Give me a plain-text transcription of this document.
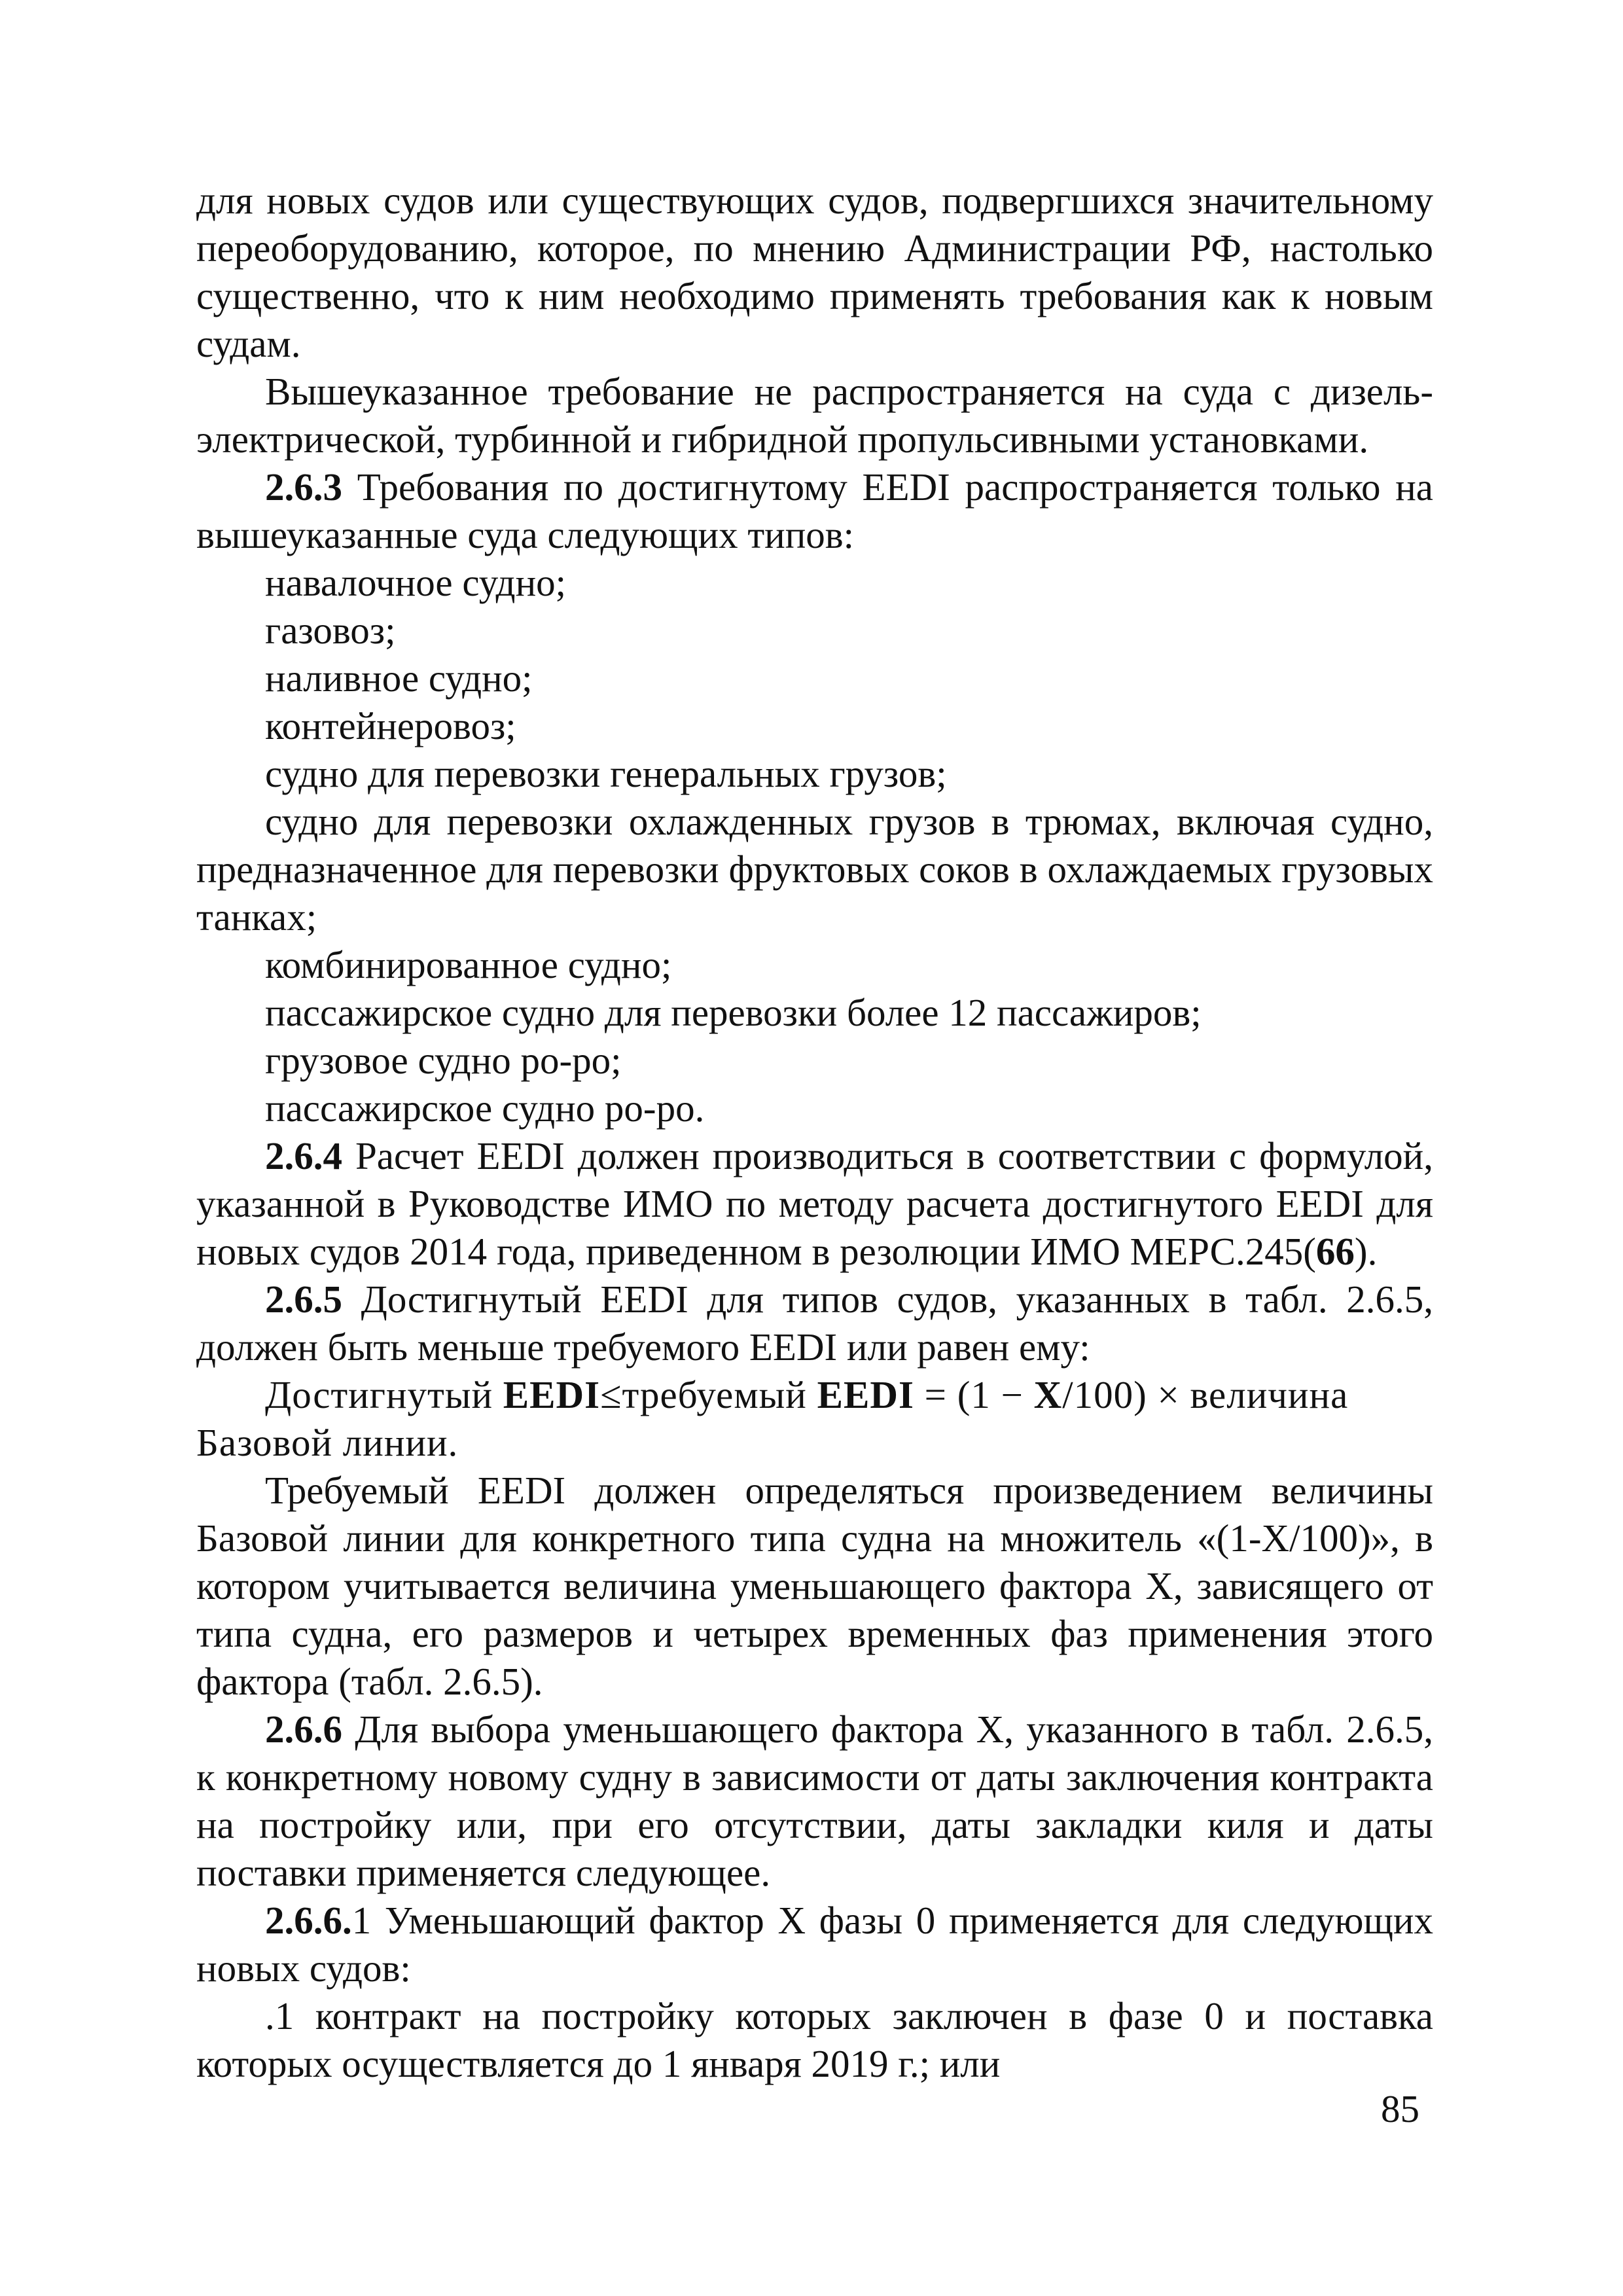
для новых судов или существующих судов, подвергшихся значительному переоборудованию, которое, по мнению Администрации РФ, настолько существенно, что к ним необходимо применять требования как к новым судам.

Вышеуказанное требование не распространяется на суда с дизель-электрической, турбинной и гибридной пропульсивными установками.

2.6.3 Требования по достигнутому EEDI распространяется только на вышеуказанные суда следующих типов:

навалочное судно;

газовоз;

наливное судно;

контейнеровоз;

судно для перевозки генеральных грузов;

судно для перевозки охлажденных грузов в трюмах, включая судно, предназначенное для перевозки фруктовых соков в охлаждаемых грузовых танках;

комбинированное судно;

пассажирское судно для перевозки более 12 пассажиров;

грузовое судно ро-ро;

пассажирское судно ро-ро.

2.6.4 Расчет EEDI должен производиться в соответствии с формулой, указанной в Руководстве ИМО по методу расчета достигнутого EEDI для новых судов 2014 года, приведенном в резолюции ИМО МЕРС.245(66).

2.6.5 Достигнутый EEDI для типов судов, указанных в табл. 2.6.5, должен быть меньше требуемого EEDI или равен ему:

Достигнутый EEDI≤требуемый EEDI = (1 − X/100) × величина
Базовой линии.

Требуемый EEDI должен определяться произведением величины Базовой линии для конкретного типа судна на множитель «(1-X/100)», в котором учитывается величина уменьшающего фактора X, зависящего от типа судна, его размеров и четырех временных фаз применения этого фактора (табл. 2.6.5).

2.6.6 Для выбора уменьшающего фактора X, указанного в табл. 2.6.5, к конкретному новому судну в зависимости от даты заключения контракта на постройку или, при его отсутствии, даты закладки киля и даты поставки применяется следующее.

2.6.6.1 Уменьшающий фактор X фазы 0 применяется для следующих новых судов:

.1 контракт на постройку которых заключен в фазе 0 и поставка которых осуществляется до 1 января 2019 г.; или

85
